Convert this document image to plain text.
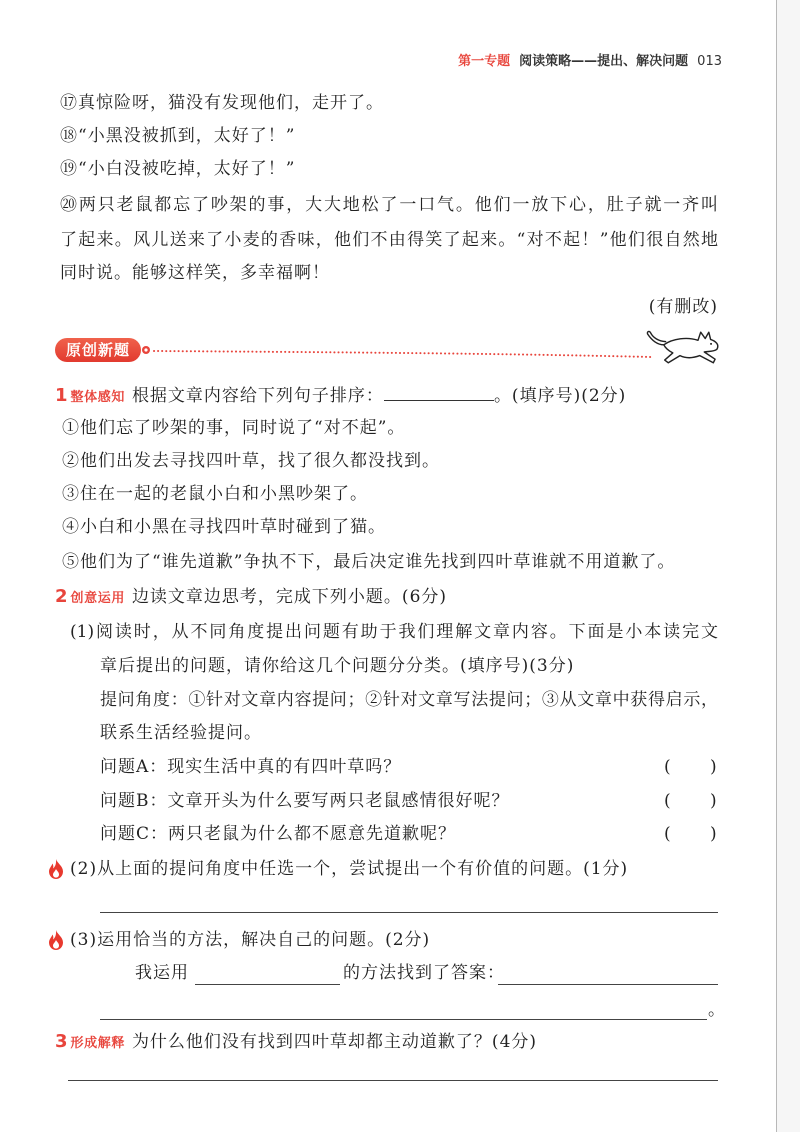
第一专题 阅读策略——提出、解决问题 013
⑰真惊险呀，猫没有发现他们，走开了。
⑱“小黑没被抓到，太好了！”
⑲“小白没被吃掉，太好了！”
⑳两只老鼠都忘了吵架的事，大大地松了一口气。他们一放下心，肚子就一齐叫
了起来。风儿送来了小麦的香味，他们不由得笑了起来。“对不起！”他们很自然地
同时说。能够这样笑，多幸福啊！
(有删改)
原创新题
1 整体感知 根据文章内容给下列句子排序：	。(填序号)(2分)
①他们忘了吵架的事，同时说了“对不起”。
②他们出发去寻找四叶草，找了很久都没找到。
③住在一起的老鼠小白和小黑吵架了。
④小白和小黑在寻找四叶草时碰到了猫。
⑤他们为了“谁先道歉”争执不下，最后决定谁先找到四叶草谁就不用道歉了。
2 创意运用 边读文章边思考，完成下列小题。(6分)
(1)阅读时，从不同角度提出问题有助于我们理解文章内容。下面是小本读完文
章后提出的问题，请你给这几个问题分分类。(填序号)(3分)
提问角度：①针对文章内容提问；②针对文章写法提问；③从文章中获得启示，
联系生活经验提问。
问题A：现实生活中真的有四叶草吗？	( )
问题B：文章开头为什么要写两只老鼠感情很好呢？	( )
问题C：两只老鼠为什么都不愿意先道歉呢？	( )
(2)从上面的提问角度中任选一个，尝试提出一个有价值的问题。(1分)
(3)运用恰当的方法，解决自己的问题。(2分)
我运用	的方法找到了答案：
。
3 形成解释 为什么他们没有找到四叶草却都主动道歉了？(4分)
